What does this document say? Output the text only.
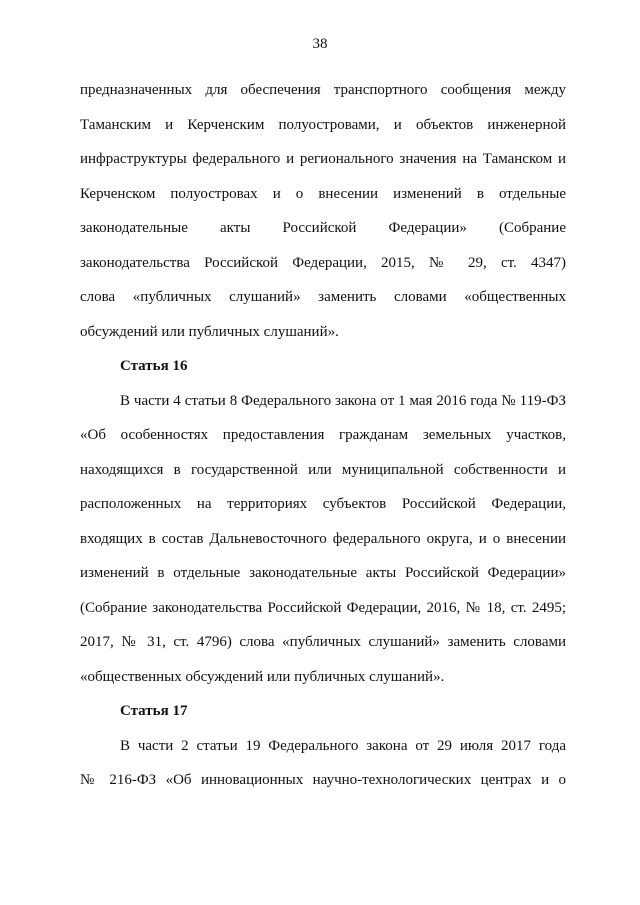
38
предназначенных для обеспечения транспортного сообщения между
Таманским и Керченским полуостровами, и объектов инженерной
инфраструктуры федерального и регионального значения на Таманском и
Керченском полуостровах и о внесении изменений в отдельные
законодательные акты Российской Федерации» (Собрание
законодательства Российской Федерации, 2015, № 29, ст. 4347)
слова «публичных слушаний» заменить словами «общественных
обсуждений или публичных слушаний».
Статья 16
В части 4 статьи 8 Федерального закона от 1 мая 2016 года № 119-ФЗ
«Об особенностях предоставления гражданам земельных участков,
находящихся в государственной или муниципальной собственности и
расположенных на территориях субъектов Российской Федерации,
входящих в состав Дальневосточного федерального округа, и о внесении
изменений в отдельные законодательные акты Российской Федерации»
(Собрание законодательства Российской Федерации, 2016, № 18, ст. 2495;
2017, № 31, ст. 4796) слова «публичных слушаний» заменить словами
«общественных обсуждений или публичных слушаний».
Статья 17
В части 2 статьи 19 Федерального закона от 29 июля 2017 года
№ 216-ФЗ «Об инновационных научно-технологических центрах и о
